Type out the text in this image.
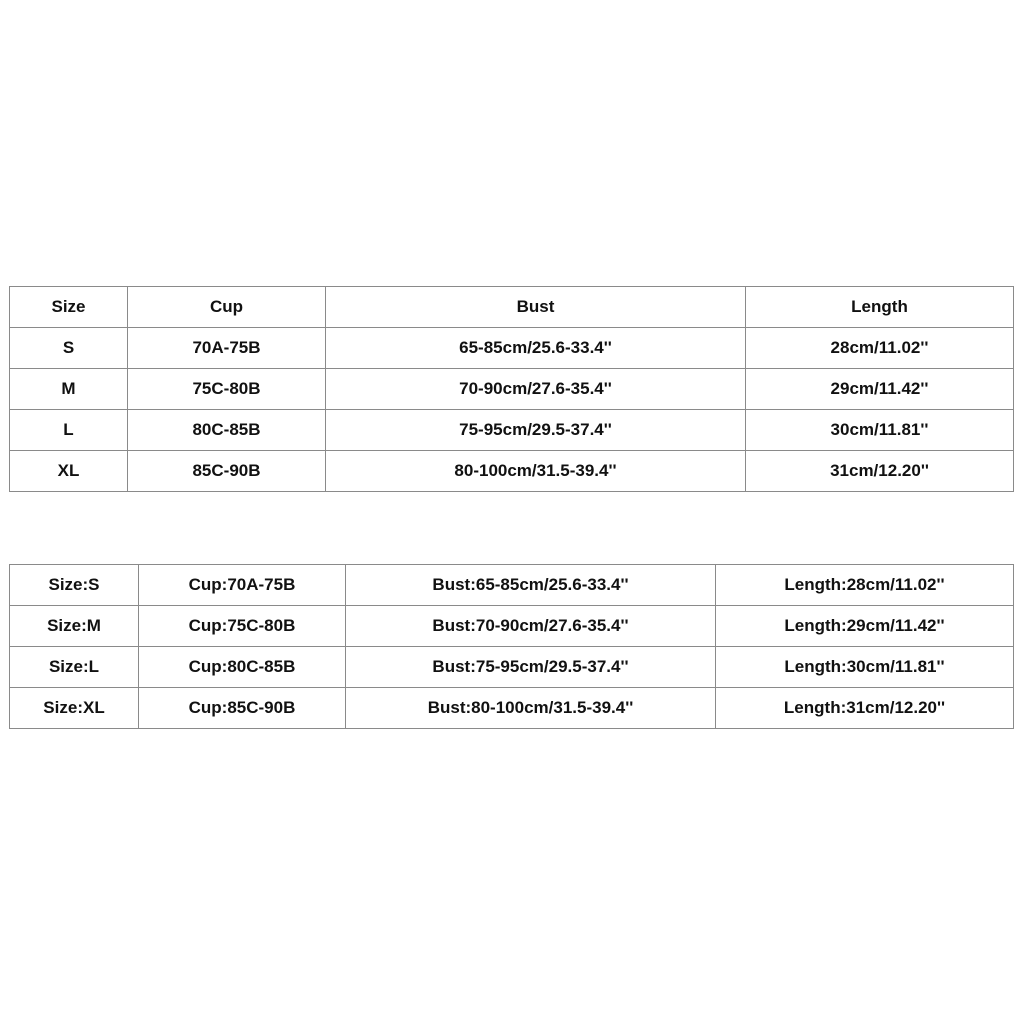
Size	Cup	Bust	Length
S	70A-75B	65-85cm/25.6-33.4''	28cm/11.02''
M	75C-80B	70-90cm/27.6-35.4''	29cm/11.42''
L	80C-85B	75-95cm/29.5-37.4''	30cm/11.81''
XL	85C-90B	80-100cm/31.5-39.4''	31cm/12.20''
Size:S	Cup:70A-75B	Bust:65-85cm/25.6-33.4''	Length:28cm/11.02''
Size:M	Cup:75C-80B	Bust:70-90cm/27.6-35.4''	Length:29cm/11.42''
Size:L	Cup:80C-85B	Bust:75-95cm/29.5-37.4''	Length:30cm/11.81''
Size:XL	Cup:85C-90B	Bust:80-100cm/31.5-39.4''	Length:31cm/12.20''
